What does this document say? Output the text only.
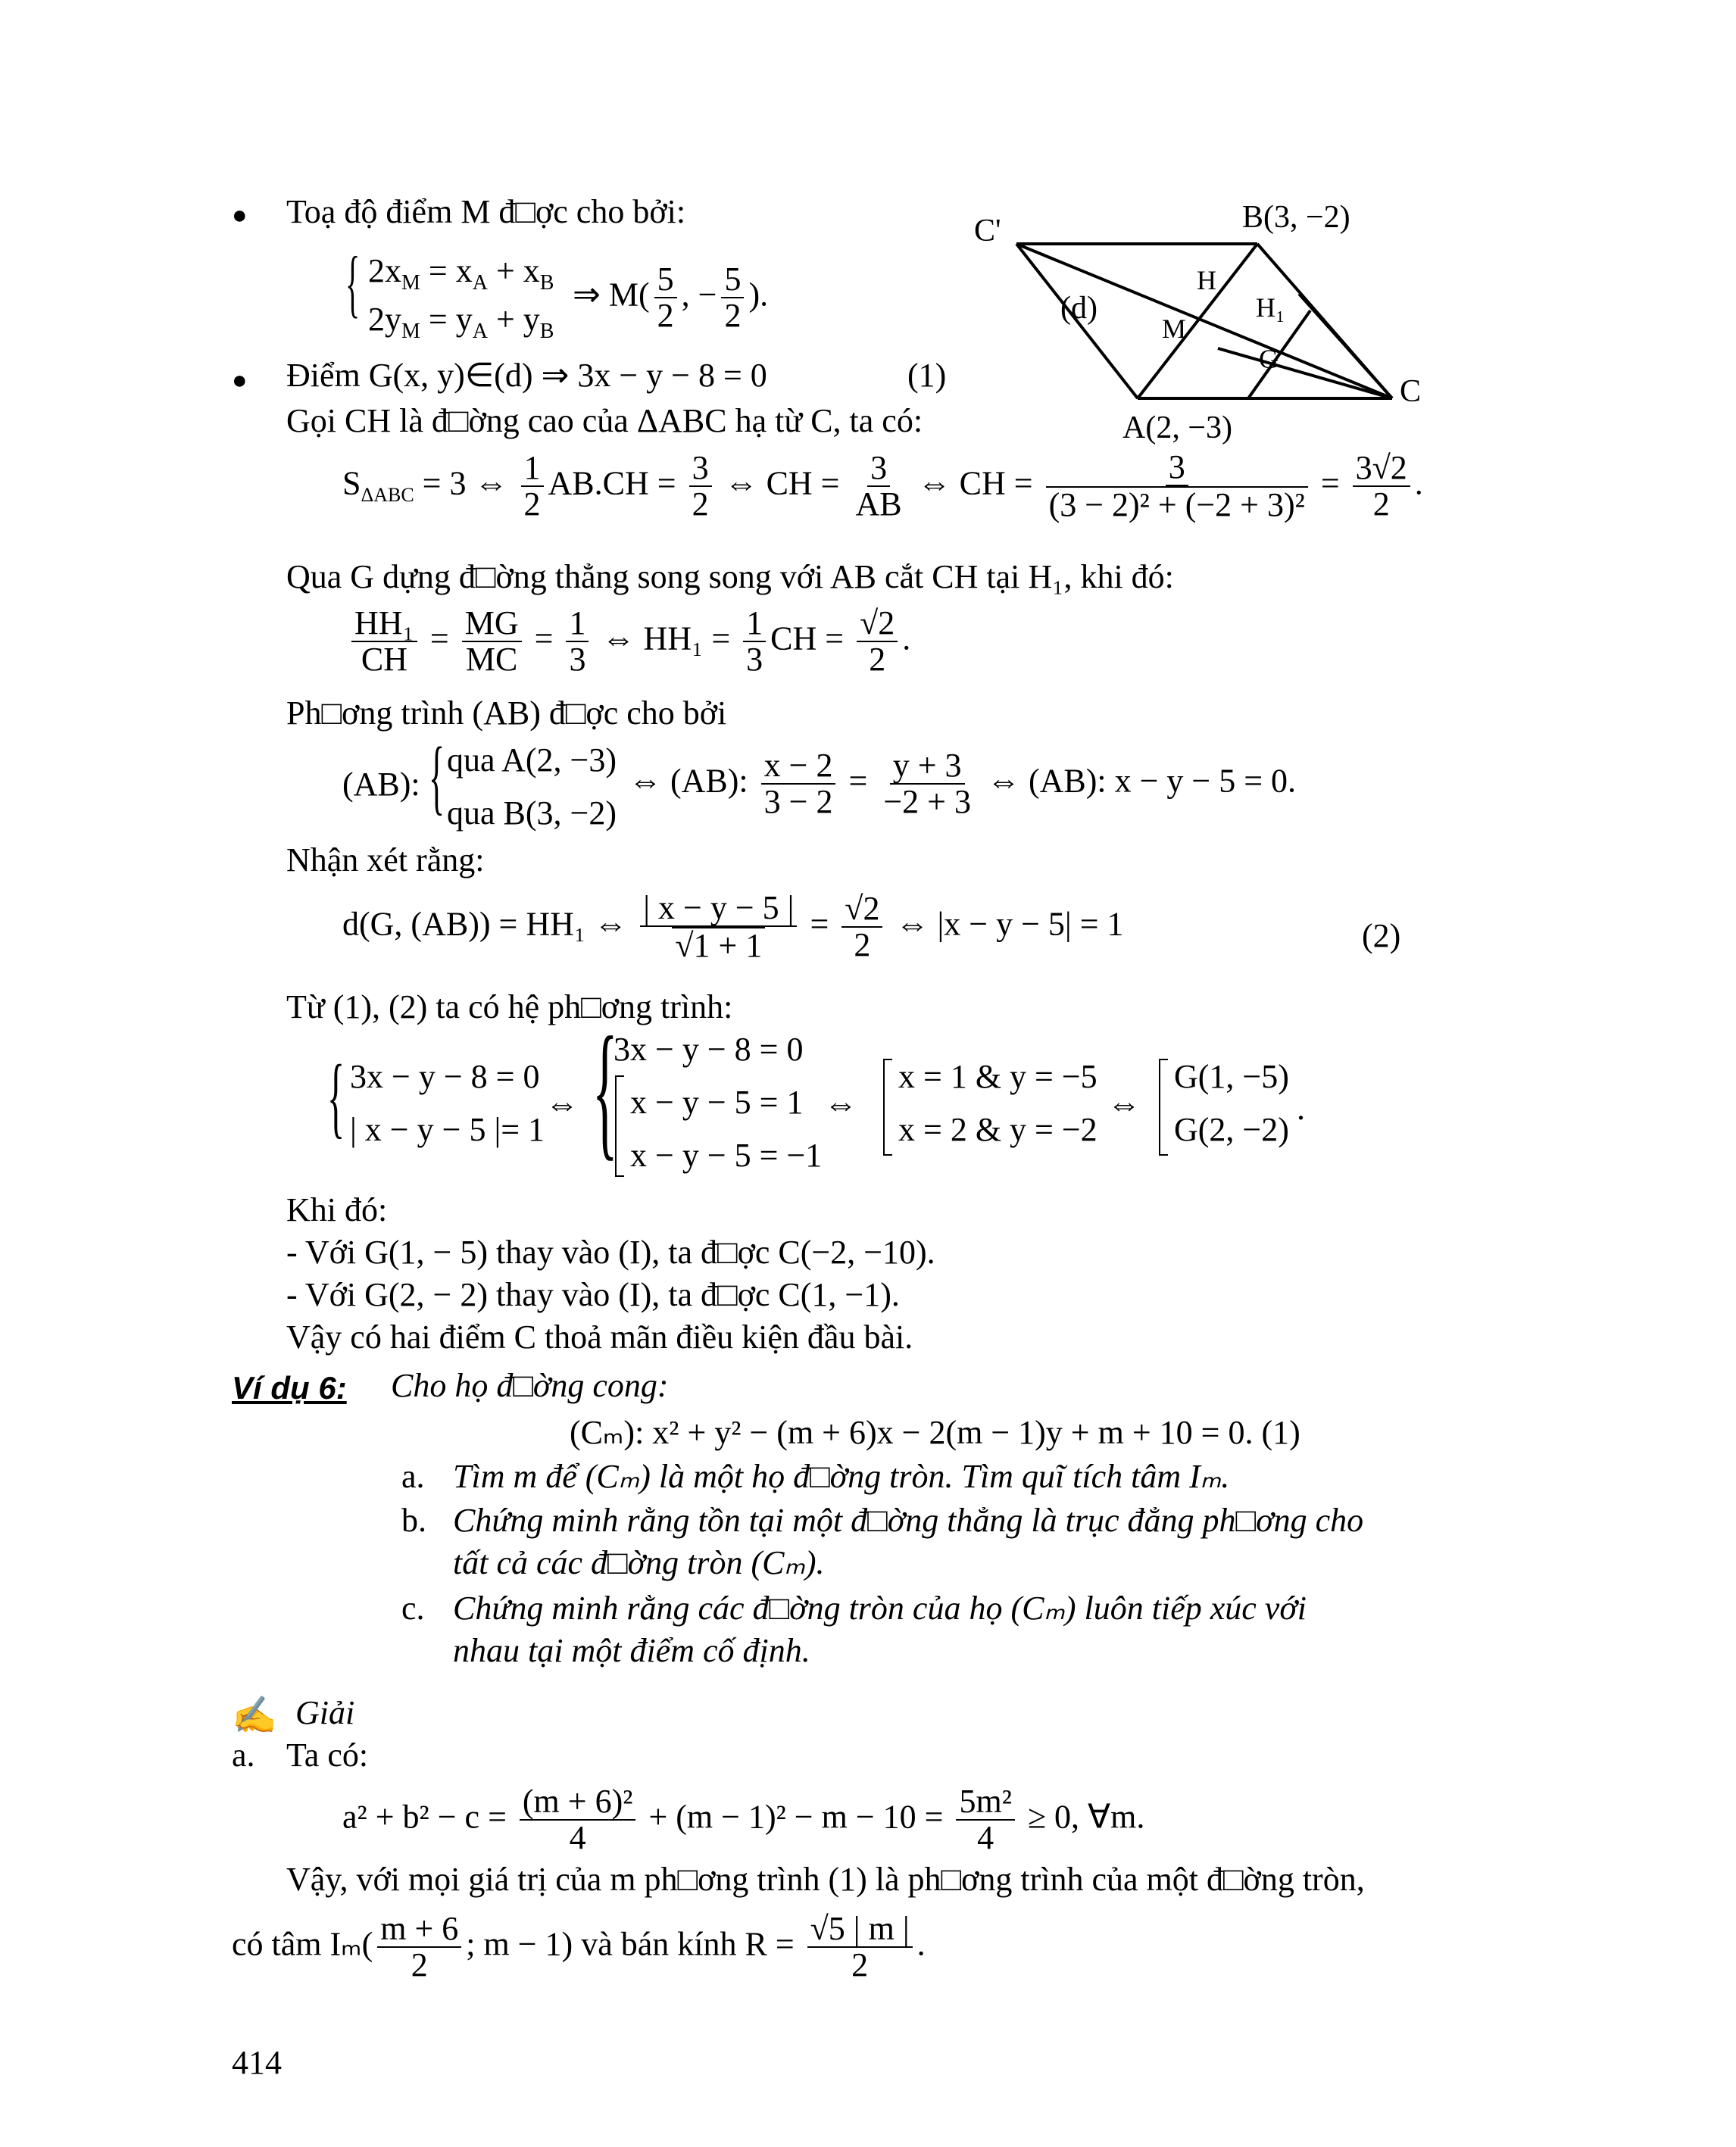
● Toạ độ điểm M đ□ợc cho bởi:
{ $2x_M = x_A + x_B$
$2y_M = y_A + y_B$
⇒ $M( \frac{5}{2}$ , − $\frac{5}{2}$ ).
● Điểm G(x, y)∈(d) ⇒ 3x − y − 8 = 0	(1)
Gọi CH là đ□ờng cao của ΔABC hạ từ C, ta có:
$S_{\Delta ABC} = 3$ ⇔ $\frac{1}{2} AB.CH = \frac{3}{2}$ ⇔ CH = $\frac{3}{AB}$ ⇔ CH = $\frac{3}{\text{(3 − 2)² + (−2 + 3)²}} = \frac{3√2}{2}$ .
Qua G dựng đ□ờng thẳng song song với AB cắt CH tại H₁, khi đó:
$\frac{\text{HH₁}}{CH} = \frac{MG}{MC} = \frac{1}{3}$ ⇔ $HH_1 = \frac{1}{3}$ CH = $\frac{√2}{2}$ .
Ph□ơng trình (AB) đ□ợc cho bởi
(AB): { qua A(2, −3)
qua B(3, −2)
⇔ (AB): $\frac{x - 2}{3 - 2} = \frac{y + 3}{-2 + 3}$ ⇔ (AB): x − y − 5 = 0.
Nhận xét rằng:
d(G, (AB)) = HH₁ ⇔ $\frac{| x - y - 5 |}{√1 + 1} = \frac{√2}{2}$ ⇔ |x − y − 5| = 1	(2)
Từ (1), (2) ta có hệ ph□ơng trình:
{ 3x − y − 8 = 0
| x − y − 5 |= 1
⇔ {
3x − y − 8 = 0
x − y − 5 = 1
x − y − 5 = −1
⇔
x = 1 & y = −5
x = 2 & y = −2
⇔
G(1, −5)
G(2, −2)
.
Khi đó:
- Với G(1, − 5) thay vào (I), ta đ□ợc C(−2, −10).
- Với G(2, − 2) thay vào (I), ta đ□ợc C(1, −1).
Vậy có hai điểm C thoả mãn điều kiện đầu bài.
Ví dụ 6: Cho họ đ□ờng cong:
(Cₘ): x² + y² − (m + 6)x − 2(m − 1)y + m + 10 = 0. (1)
a. Tìm m để (Cₘ) là một họ đ□ờng tròn. Tìm quĩ tích tâm Iₘ.
b. Chứng minh rằng tồn tại một đ□ờng thẳng là trục đẳng ph□ơng cho
tất cả các đ□ờng tròn (Cₘ).
c. Chứng minh rằng các đ□ờng tròn của họ (Cₘ) luôn tiếp xúc với
nhau tại một điểm cố định.
✍ Giải
a. Ta có:
$a^2 + b^2 - c = \frac{\text{(m + 6)²}}{4} + (m - 1)^2 - m - 10 = \frac{\text{5m²}}{4} \ge 0$, ∀m.
Vậy, với mọi giá trị của m ph□ơng trình (1) là ph□ơng trình của một đ□ờng tròn,
có tâm $I_m( \frac{m + 6}{2}$ ; m − 1) và bán kính $R = \frac{√5 | m |}{2}$ .
414
C'	B(3, −2)
(d)
H
H₁
M
G
C
A(2, −3)
